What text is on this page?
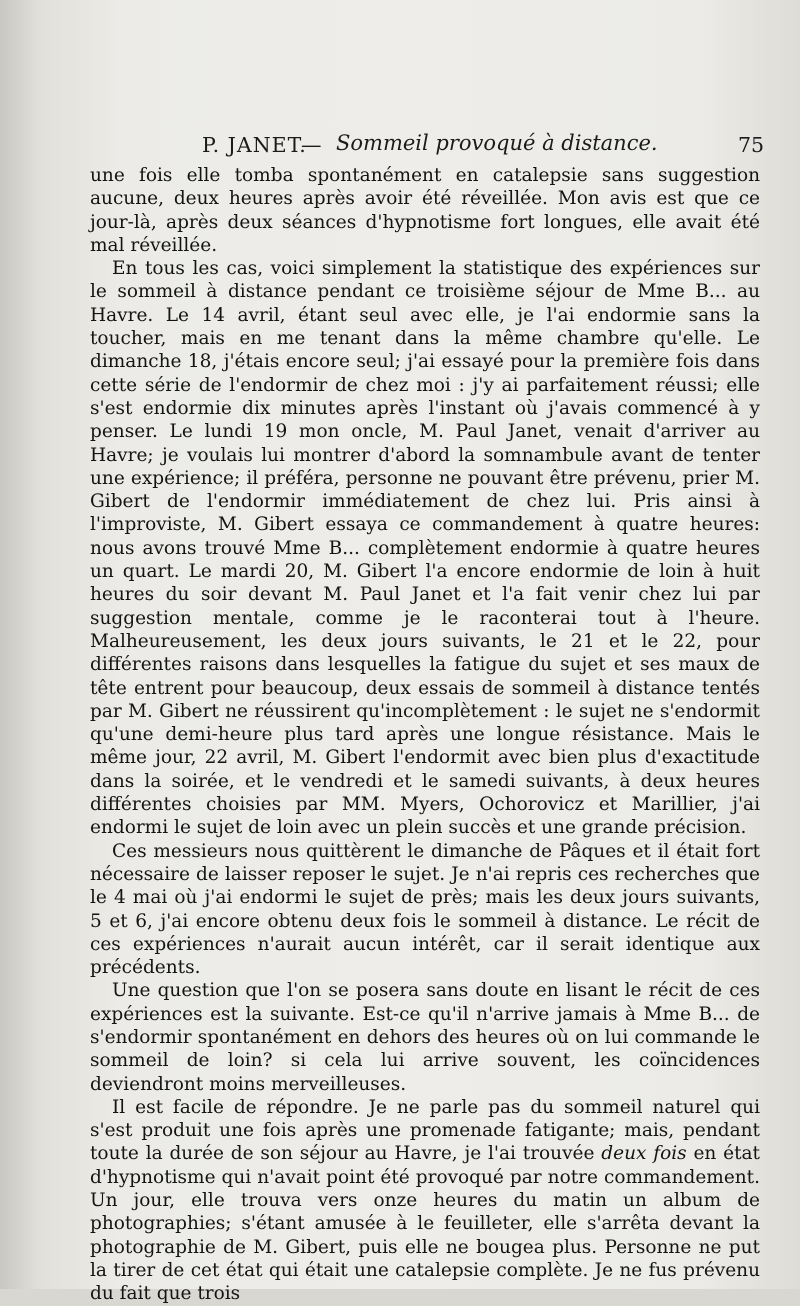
P. JANET.
— Sommeil provoqué à distance.	75

une fois elle tomba spontanément en catalepsie sans suggestion aucune, deux heures après avoir été réveillée. Mon avis est que ce jour-là, après deux séances d'hypnotisme fort longues, elle avait été mal réveillée.

En tous les cas, voici simplement la statistique des expériences sur le sommeil à distance pendant ce troisième séjour de Mme B... au Havre. Le 14 avril, étant seul avec elle, je l'ai endormie sans la toucher, mais en me tenant dans la même chambre qu'elle. Le dimanche 18, j'étais encore seul; j'ai essayé pour la première fois dans cette série de l'endormir de chez moi : j'y ai parfaitement réussi; elle s'est endormie dix minutes après l'instant où j'avais commencé à y penser. Le lundi 19 mon oncle, M. Paul Janet, venait d'arriver au Havre; je voulais lui montrer d'abord la somnambule avant de tenter une expérience; il préféra, personne ne pouvant être prévenu, prier M. Gibert de l'endormir immédiatement de chez lui. Pris ainsi à l'improviste, M. Gibert essaya ce commandement à quatre heures: nous avons trouvé Mme B... complètement endormie à quatre heures un quart. Le mardi 20, M. Gibert l'a encore endormie de loin à huit heures du soir devant M. Paul Janet et l'a fait venir chez lui par suggestion mentale, comme je le raconterai tout à l'heure. Malheureusement, les deux jours suivants, le 21 et le 22, pour différentes raisons dans lesquelles la fatigue du sujet et ses maux de tête entrent pour beaucoup, deux essais de sommeil à distance tentés par M. Gibert ne réussirent qu'incomplètement : le sujet ne s'endormit qu'une demi-heure plus tard après une longue résistance. Mais le même jour, 22 avril, M. Gibert l'endormit avec bien plus d'exactitude dans la soirée, et le vendredi et le samedi suivants, à deux heures différentes choisies par MM. Myers, Ochorovicz et Marillier, j'ai endormi le sujet de loin avec un plein succès et une grande précision.

Ces messieurs nous quittèrent le dimanche de Pâques et il était fort nécessaire de laisser reposer le sujet. Je n'ai repris ces recherches que le 4 mai où j'ai endormi le sujet de près; mais les deux jours suivants, 5 et 6, j'ai encore obtenu deux fois le sommeil à distance. Le récit de ces expériences n'aurait aucun intérêt, car il serait identique aux précédents.

Une question que l'on se posera sans doute en lisant le récit de ces expériences est la suivante. Est-ce qu'il n'arrive jamais à Mme B... de s'endormir spontanément en dehors des heures où on lui commande le sommeil de loin? si cela lui arrive souvent, les coïncidences deviendront moins merveilleuses.

Il est facile de répondre. Je ne parle pas du sommeil naturel qui s'est produit une fois après une promenade fatigante; mais, pendant toute la durée de son séjour au Havre, je l'ai trouvée deux fois en état d'hypnotisme qui n'avait point été provoqué par notre commandement. Un jour, elle trouva vers onze heures du matin un album de photographies; s'étant amusée à le feuilleter, elle s'arrêta devant la photographie de M. Gibert, puis elle ne bougea plus. Personne ne put la tirer de cet état qui était une catalepsie complète. Je ne fus prévenu du fait que trois
